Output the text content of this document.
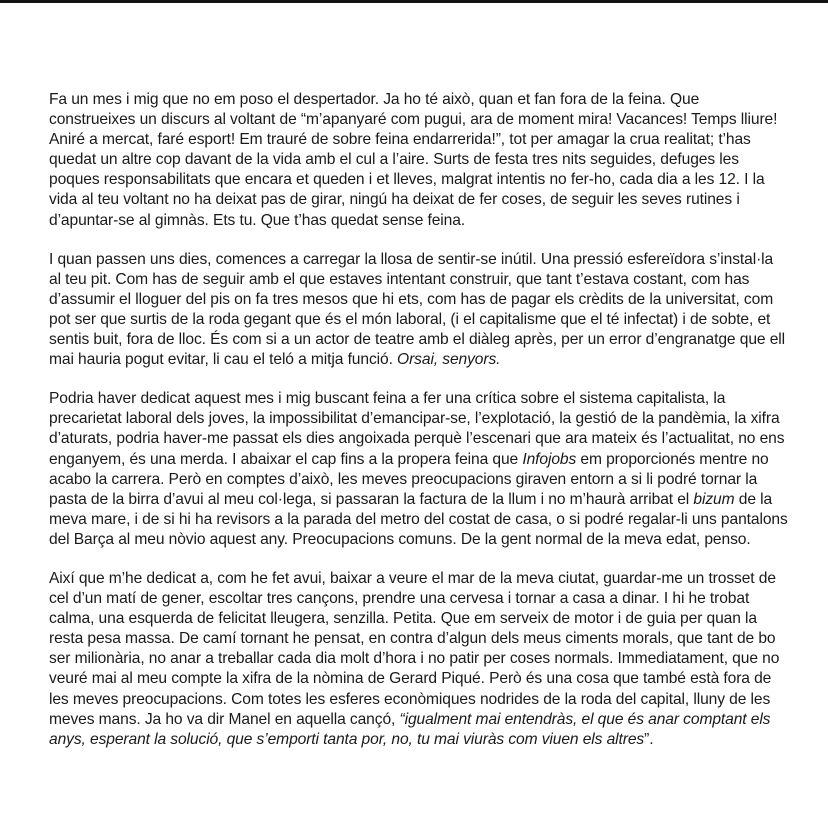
Fa un mes i mig que no em poso el despertador. Ja ho té això, quan et fan fora de la feina. Que construeixes un discurs al voltant de “m’apanyaré com pugui, ara de moment mira! Vacances! Temps lliure! Aniré a mercat, faré esport! Em trauré de sobre feina endarrerida!”, tot per amagar la crua realitat; t’has quedat un altre cop davant de la vida amb el cul a l’aire. Surts de festa tres nits seguides, defuges les poques responsabilitats que encara et queden i et lleves, malgrat intentis no fer-ho, cada dia a les 12. I la vida al teu voltant no ha deixat pas de girar, ningú ha deixat de fer coses, de seguir les seves rutines i d’apuntar-se al gimnàs. Ets tu. Que t’has quedat sense feina.

I quan passen uns dies, comences a carregar la llosa de sentir-se inútil. Una pressió esfereïdora s’instal·la al teu pit. Com has de seguir amb el que estaves intentant construir, que tant t’estava costant, com has d’assumir el lloguer del pis on fa tres mesos que hi ets, com has de pagar els crèdits de la universitat, com pot ser que surtis de la roda gegant que és el món laboral, (i el capitalisme que el té infectat) i de sobte, et sentis buit, fora de lloc. És com si a un actor de teatre amb el diàleg après, per un error d’engranatge que ell mai hauria pogut evitar, li cau el teló a mitja funció. Orsai, senyors.

Podria haver dedicat aquest mes i mig buscant feina a fer una crítica sobre el sistema capitalista, la precarietat laboral dels joves, la impossibilitat d’emancipar-se, l’explotació, la gestió de la pandèmia, la xifra d’aturats, podria haver-me passat els dies angoixada perquè l’escenari que ara mateix és l’actualitat, no ens enganyem, és una merda. I abaixar el cap fins a la propera feina que Infojobs em proporcionés mentre no acabo la carrera. Però en comptes d’això, les meves preocupacions giraven entorn a si li podré tornar la pasta de la birra d’avui al meu col·lega, si passaran la factura de la llum i no m’haurà arribat el bizum de la meva mare, i de si hi ha revisors a la parada del metro del costat de casa, o si podré regalar-li uns pantalons del Barça al meu nòvio aquest any. Preocupacions comuns. De la gent normal de la meva edat, penso.

Així que m’he dedicat a, com he fet avui, baixar a veure el mar de la meva ciutat, guardar-me un trosset de cel d’un matí de gener, escoltar tres cançons, prendre una cervesa i tornar a casa a dinar. I hi he trobat calma, una esquerda de felicitat lleugera, senzilla. Petita. Que em serveix de motor i de guia per quan la resta pesa massa. De camí tornant he pensat, en contra d’algun dels meus ciments morals, que tant de bo ser milionària, no anar a treballar cada dia molt d’hora i no patir per coses normals. Immediatament, que no veuré mai al meu compte la xifra de la nòmina de Gerard Piqué. Però és una cosa que també està fora de les meves preocupacions. Com totes les esferes econòmiques nodrides de la roda del capital, lluny de les meves mans. Ja ho va dir Manel en aquella cançó, “igualment mai entendràs, el que és anar comptant els anys, esperant la solució, que s’emporti tanta por, no, tu mai viuràs com viuen els altres”.
